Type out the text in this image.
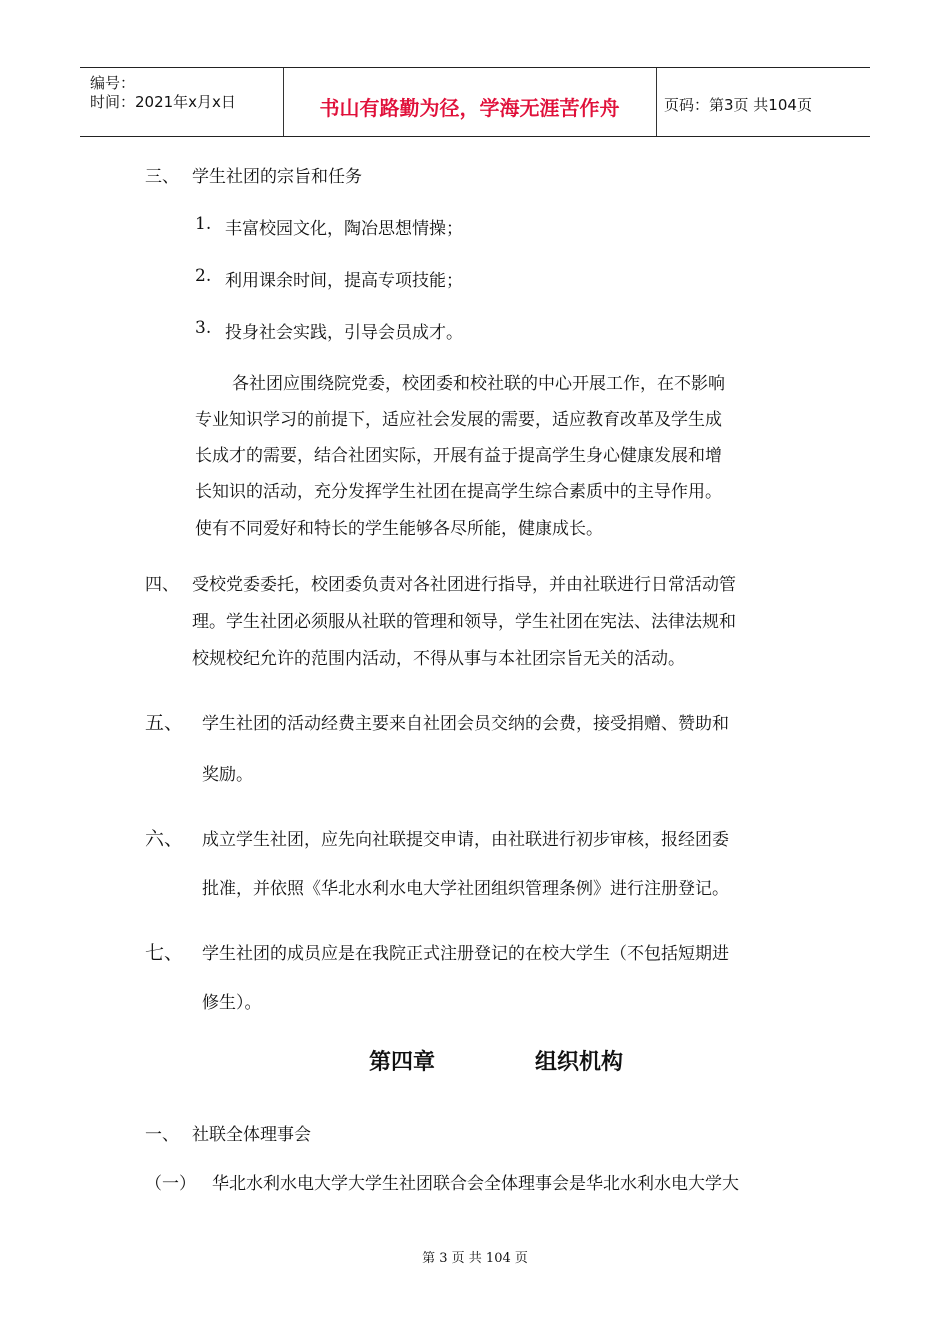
编号：
时间：2021年x月x日	书山有路勤为径，学海无涯苦作舟	页码：第3页 共104页
三、 学生社团的宗旨和任务
1. 丰富校园文化，陶冶思想情操；
2. 利用课余时间，提高专项技能；
3. 投身社会实践，引导会员成才。
各社团应围绕院党委，校团委和校社联的中心开展工作，在不影响
专业知识学习的前提下，适应社会发展的需要，适应教育改革及学生成
长成才的需要，结合社团实际，开展有益于提高学生身心健康发展和增
长知识的活动，充分发挥学生社团在提高学生综合素质中的主导作用。
使有不同爱好和特长的学生能够各尽所能，健康成长。
四、 受校党委委托，校团委负责对各社团进行指导，并由社联进行日常活动管
理。学生社团必须服从社联的管理和领导，学生社团在宪法、法律法规和
校规校纪允许的范围内活动，不得从事与本社团宗旨无关的活动。
五、 学生社团的活动经费主要来自社团会员交纳的会费，接受捐赠、赞助和
奖励。
六、 成立学生社团，应先向社联提交申请，由社联进行初步审核，报经团委
批准，并依照《华北水利水电大学社团组织管理条例》进行注册登记。
七、 学生社团的成员应是在我院正式注册登记的在校大学生（不包括短期进
修生）。
第四章	组织机构
一、 社联全体理事会
（一） 华北水利水电大学大学生社团联合会全体理事会是华北水利水电大学大
第 3 页 共 104 页
